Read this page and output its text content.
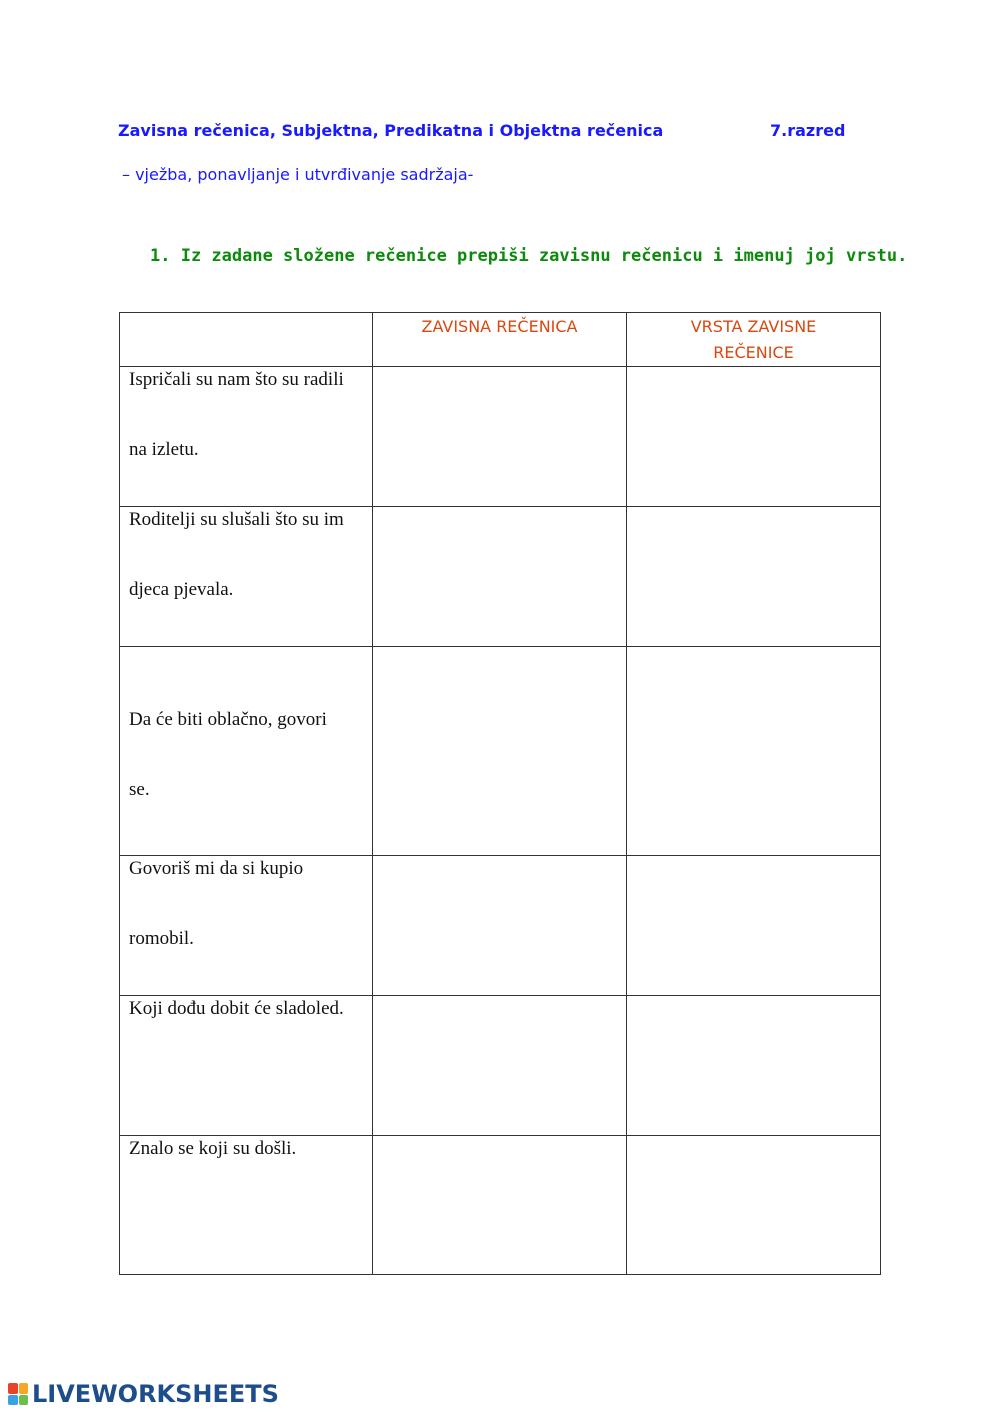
Zavisna rečenica, Subjektna, Predikatna i Objektna rečenica	7.razred
– vježba, ponavljanje i utvrđivanje sadržaja-
1. Iz zadane složene rečenice prepiši zavisnu rečenicu i imenuj joj vrstu.

	ZAVISNA REČENICA	VRSTA ZAVISNE REČENICE

Ispričali su nam što su radili
na izletu.		

Roditelji su slušali što su im
djeca pjevala.		

Da će biti oblačno, govori
se.		

Govoriš mi da si kupio
romobil.		

Koji dođu dobit će sladoled.		

Znalo se koji su došli.		

LIVEWORKSHEETS
